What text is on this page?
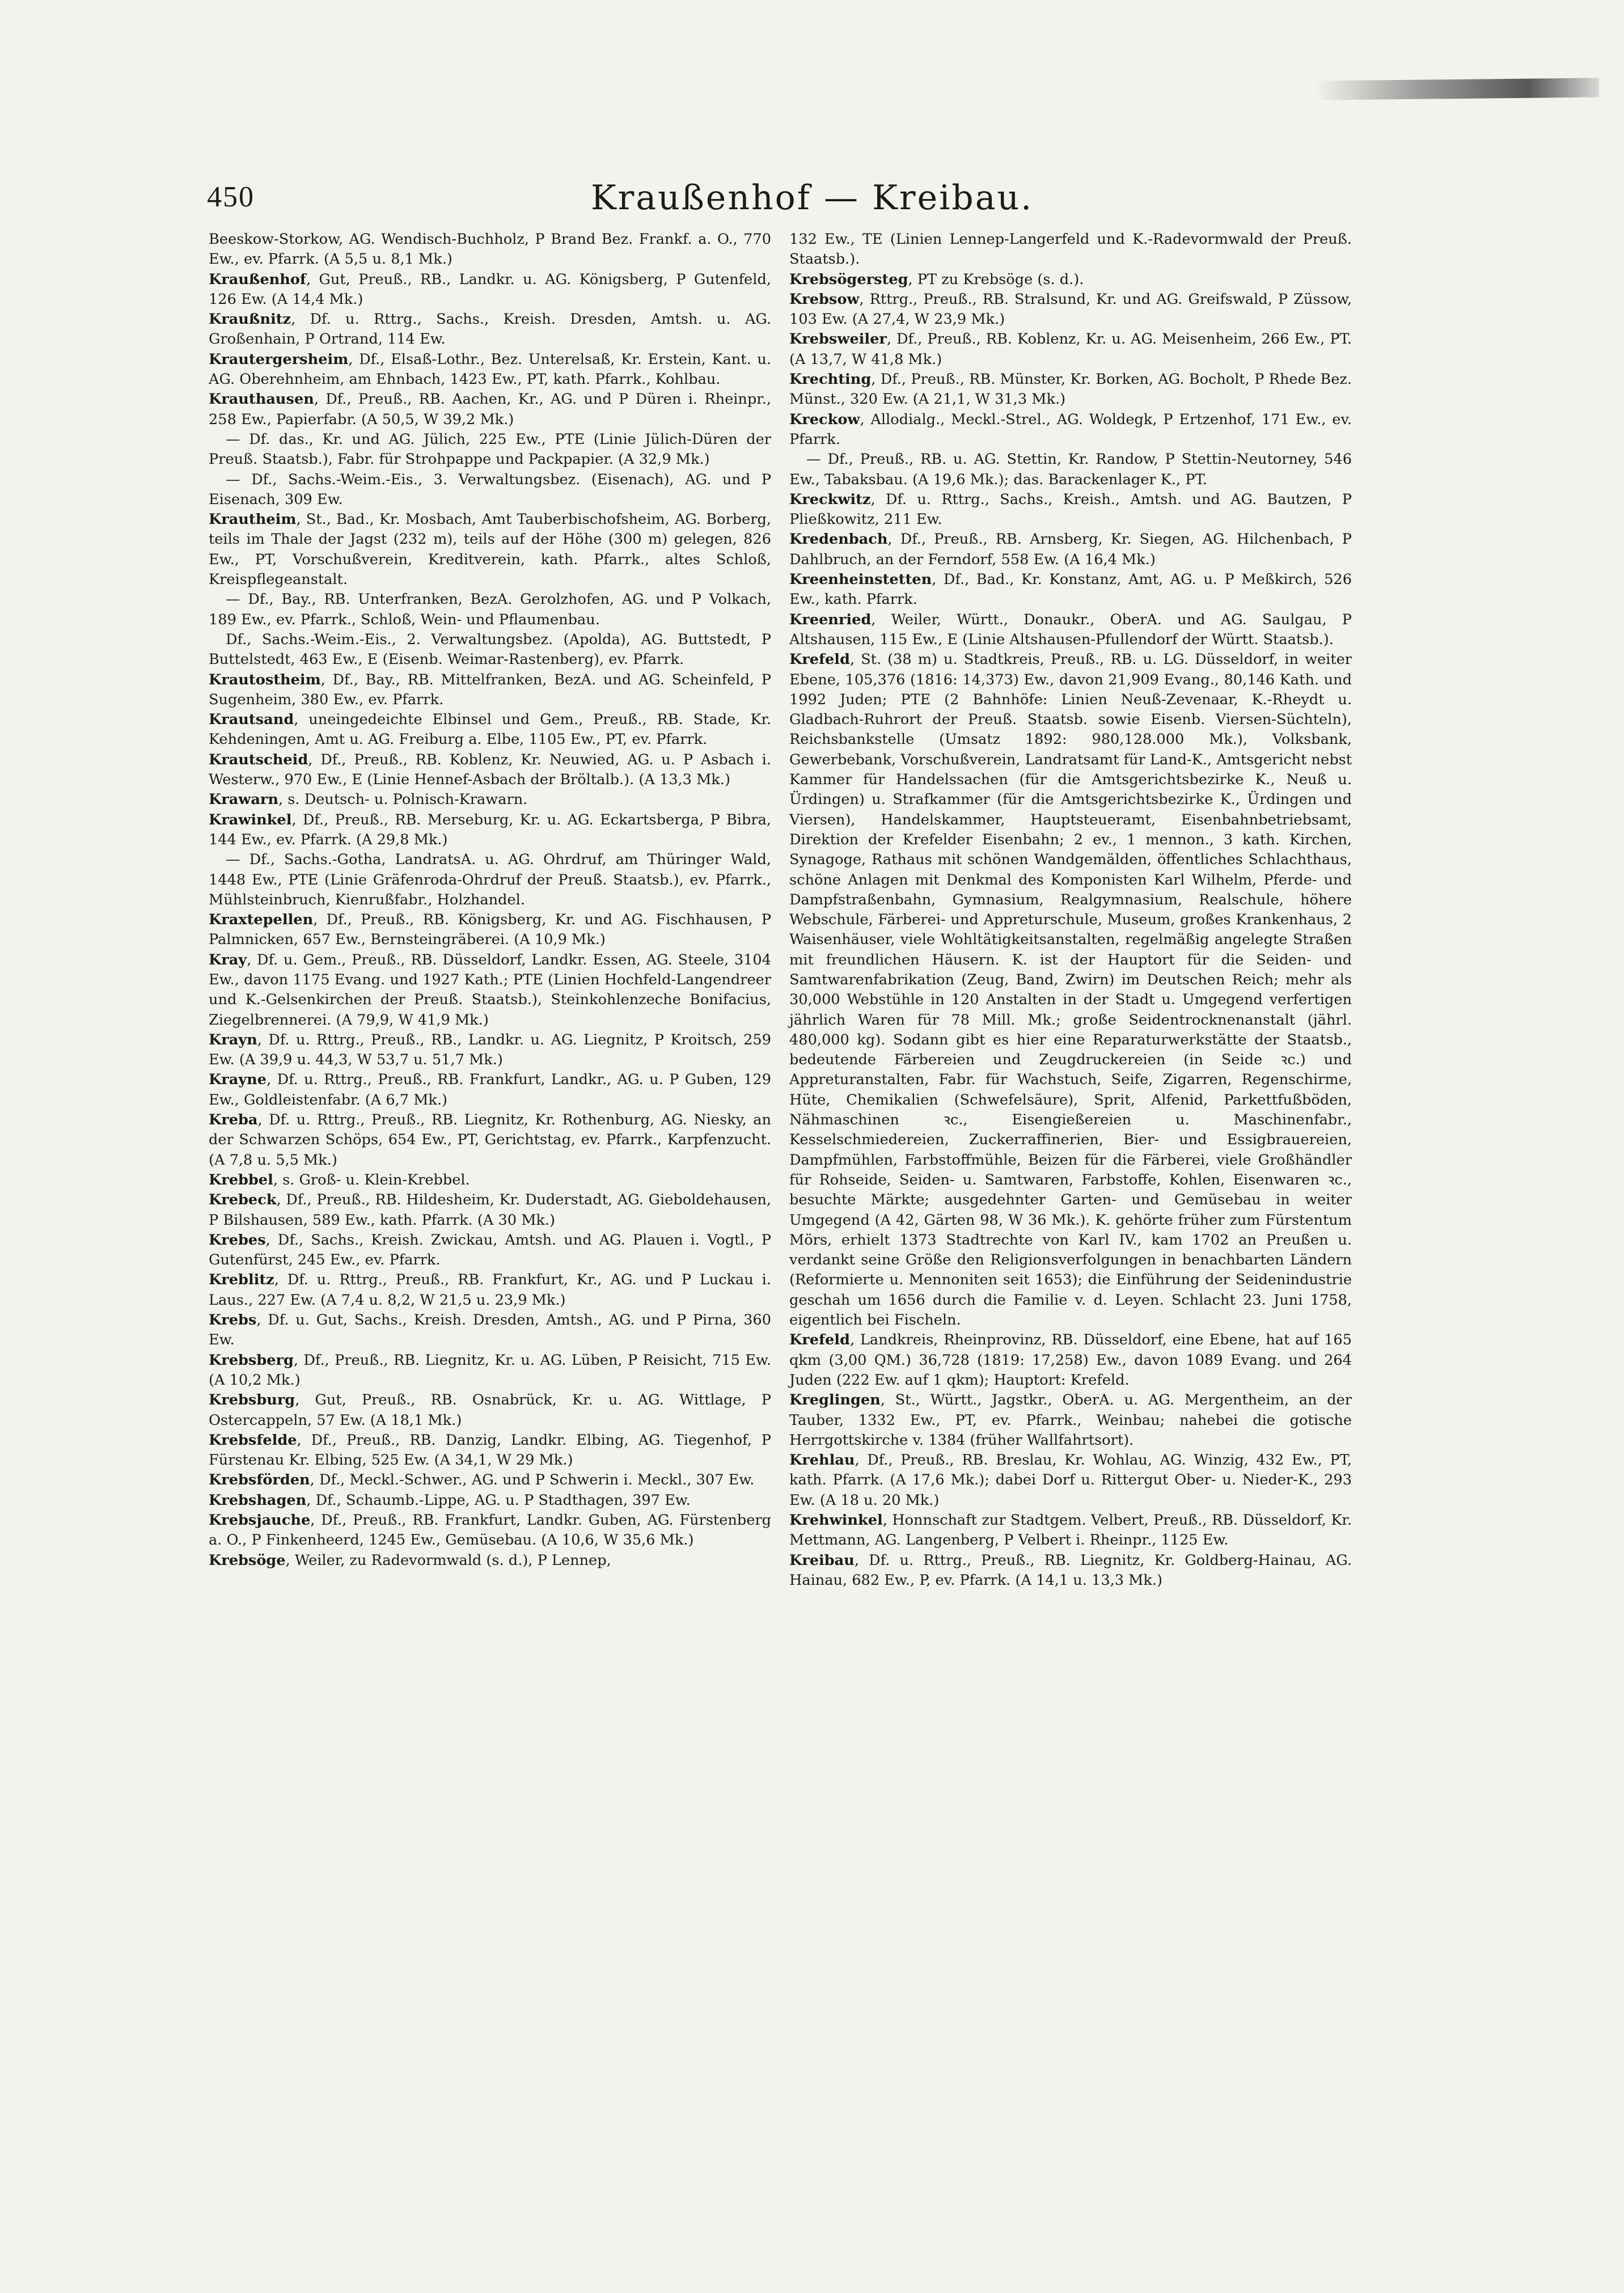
450	Kraußenhof — Kreibau.

Beeskow-Storkow, AG. Wendisch-Buchholz, P Brand Bez. Frankf. a. O., 770 Ew., ev. Pfarrk. (A 5,5 u. 8,1 Mk.)

Kraußenhof, Gut, Preuß., RB., Landkr. u. AG. Königsberg, P Gutenfeld, 126 Ew. (A 14,4 Mk.)

Kraußnitz, Df. u. Rttrg., Sachs., Kreish. Dresden, Amtsh. u. AG. Großenhain, P Ortrand, 114 Ew.

Krautergersheim, Df., Elsaß-Lothr., Bez. Unterelsaß, Kr. Erstein, Kant. u. AG. Oberehnheim, am Ehnbach, 1423 Ew., PT, kath. Pfarrk., Kohlbau.

Krauthausen, Df., Preuß., RB. Aachen, Kr., AG. und P Düren i. Rheinpr., 258 Ew., Papierfabr. (A 50,5, W 39,2 Mk.)

— Df. das., Kr. und AG. Jülich, 225 Ew., PTE (Linie Jülich-Düren der Preuß. Staatsb.), Fabr. für Strohpappe und Packpapier. (A 32,9 Mk.)

— Df., Sachs.-Weim.-Eis., 3. Verwaltungsbez. (Eisenach), AG. und P Eisenach, 309 Ew.

Krautheim, St., Bad., Kr. Mosbach, Amt Tauberbischofsheim, AG. Borberg, teils im Thale der Jagst (232 m), teils auf der Höhe (300 m) gelegen, 826 Ew., PT, Vorschußverein, Kreditverein, kath. Pfarrk., altes Schloß, Kreispflegeanstalt.

— Df., Bay., RB. Unterfranken, BezA. Gerolzhofen, AG. und P Volkach, 189 Ew., ev. Pfarrk., Schloß, Wein- und Pflaumenbau.

Df., Sachs.-Weim.-Eis., 2. Verwaltungsbez. (Apolda), AG. Buttstedt, P Buttelstedt, 463 Ew., E (Eisenb. Weimar-Rastenberg), ev. Pfarrk.

Krautostheim, Df., Bay., RB. Mittelfranken, BezA. und AG. Scheinfeld, P Sugenheim, 380 Ew., ev. Pfarrk.

Krautsand, uneingedeichte Elbinsel und Gem., Preuß., RB. Stade, Kr. Kehdeningen, Amt u. AG. Freiburg a. Elbe, 1105 Ew., PT, ev. Pfarrk.

Krautscheid, Df., Preuß., RB. Koblenz, Kr. Neuwied, AG. u. P Asbach i. Westerw., 970 Ew., E (Linie Hennef-Asbach der Bröltalb.). (A 13,3 Mk.)

Krawarn, s. Deutsch- u. Polnisch-Krawarn.

Krawinkel, Df., Preuß., RB. Merseburg, Kr. u. AG. Eckartsberga, P Bibra, 144 Ew., ev. Pfarrk. (A 29,8 Mk.)

— Df., Sachs.-Gotha, LandratsA. u. AG. Ohrdruf, am Thüringer Wald, 1448 Ew., PTE (Linie Gräfenroda-Ohrdruf der Preuß. Staatsb.), ev. Pfarrk., Mühlsteinbruch, Kienrußfabr., Holzhandel.

Kraxtepellen, Df., Preuß., RB. Königsberg, Kr. und AG. Fischhausen, P Palmnicken, 657 Ew., Bernsteingräberei. (A 10,9 Mk.)

Kray, Df. u. Gem., Preuß., RB. Düsseldorf, Landkr. Essen, AG. Steele, 3104 Ew., davon 1175 Evang. und 1927 Kath.; PTE (Linien Hochfeld-Langendreer und K.-Gelsenkirchen der Preuß. Staatsb.), Steinkohlenzeche Bonifacius, Ziegelbrennerei. (A 79,9, W 41,9 Mk.)

Krayn, Df. u. Rttrg., Preuß., RB., Landkr. u. AG. Liegnitz, P Kroitsch, 259 Ew. (A 39,9 u. 44,3, W 53,7 u. 51,7 Mk.)

Krayne, Df. u. Rttrg., Preuß., RB. Frankfurt, Landkr., AG. u. P Guben, 129 Ew., Goldleistenfabr. (A 6,7 Mk.)

Kreba, Df. u. Rttrg., Preuß., RB. Liegnitz, Kr. Rothenburg, AG. Niesky, an der Schwarzen Schöps, 654 Ew., PT, Gerichtstag, ev. Pfarrk., Karpfenzucht. (A 7,8 u. 5,5 Mk.)

Krebbel, s. Groß- u. Klein-Krebbel.

Krebeck, Df., Preuß., RB. Hildesheim, Kr. Duderstadt, AG. Gieboldehausen, P Bilshausen, 589 Ew., kath. Pfarrk. (A 30 Mk.)

Krebes, Df., Sachs., Kreish. Zwickau, Amtsh. und AG. Plauen i. Vogtl., P Gutenfürst, 245 Ew., ev. Pfarrk.

Kreblitz, Df. u. Rttrg., Preuß., RB. Frankfurt, Kr., AG. und P Luckau i. Laus., 227 Ew. (A 7,4 u. 8,2, W 21,5 u. 23,9 Mk.)

Krebs, Df. u. Gut, Sachs., Kreish. Dresden, Amtsh., AG. und P Pirna, 360 Ew.

Krebsberg, Df., Preuß., RB. Liegnitz, Kr. u. AG. Lüben, P Reisicht, 715 Ew. (A 10,2 Mk.)

Krebsburg, Gut, Preuß., RB. Osnabrück, Kr. u. AG. Wittlage, P Ostercappeln, 57 Ew. (A 18,1 Mk.)

Krebsfelde, Df., Preuß., RB. Danzig, Landkr. Elbing, AG. Tiegenhof, P Fürstenau Kr. Elbing, 525 Ew. (A 34,1, W 29 Mk.)

Krebsförden, Df., Meckl.-Schwer., AG. und P Schwerin i. Meckl., 307 Ew.

Krebshagen, Df., Schaumb.-Lippe, AG. u. P Stadthagen, 397 Ew.

Krebsjauche, Df., Preuß., RB. Frankfurt, Landkr. Guben, AG. Fürstenberg a. O., P Finkenheerd, 1245 Ew., Gemüsebau. (A 10,6, W 35,6 Mk.)

Krebsöge, Weiler, zu Radevormwald (s. d.), P Lennep,

132 Ew., TE (Linien Lennep-Langerfeld und K.-Radevormwald der Preuß. Staatsb.).

Krebsögersteg, PT zu Krebsöge (s. d.).

Krebsow, Rttrg., Preuß., RB. Stralsund, Kr. und AG. Greifswald, P Züssow, 103 Ew. (A 27,4, W 23,9 Mk.)

Krebsweiler, Df., Preuß., RB. Koblenz, Kr. u. AG. Meisenheim, 266 Ew., PT. (A 13,7, W 41,8 Mk.)

Krechting, Df., Preuß., RB. Münster, Kr. Borken, AG. Bocholt, P Rhede Bez. Münst., 320 Ew. (A 21,1, W 31,3 Mk.)

Kreckow, Allodialg., Meckl.-Strel., AG. Woldegk, P Ertzenhof, 171 Ew., ev. Pfarrk.

— Df., Preuß., RB. u. AG. Stettin, Kr. Randow, P Stettin-Neutorney, 546 Ew., Tabaksbau. (A 19,6 Mk.); das. Barackenlager K., PT.

Kreckwitz, Df. u. Rttrg., Sachs., Kreish., Amtsh. und AG. Bautzen, P Pließkowitz, 211 Ew.

Kredenbach, Df., Preuß., RB. Arnsberg, Kr. Siegen, AG. Hilchenbach, P Dahlbruch, an der Ferndorf, 558 Ew. (A 16,4 Mk.)

Kreenheinstetten, Df., Bad., Kr. Konstanz, Amt, AG. u. P Meßkirch, 526 Ew., kath. Pfarrk.

Kreenried, Weiler, Württ., Donaukr., OberA. und AG. Saulgau, P Altshausen, 115 Ew., E (Linie Altshausen-Pfullendorf der Württ. Staatsb.).

Krefeld, St. (38 m) u. Stadtkreis, Preuß., RB. u. LG. Düsseldorf, in weiter Ebene, 105,376 (1816: 14,373) Ew., davon 21,909 Evang., 80,146 Kath. und 1992 Juden; PTE (2 Bahnhöfe: Linien Neuß-Zevenaar, K.-Rheydt u. Gladbach-Ruhrort der Preuß. Staatsb. sowie Eisenb. Viersen-Süchteln), Reichsbankstelle (Umsatz 1892: 980,128.000 Mk.), Volksbank, Gewerbebank, Vorschußverein, Landratsamt für Land-K., Amtsgericht nebst Kammer für Handelssachen (für die Amtsgerichtsbezirke K., Neuß u. Ürdingen) u. Strafkammer (für die Amtsgerichtsbezirke K., Ürdingen und Viersen), Handelskammer, Hauptsteueramt, Eisenbahnbetriebsamt, Direktion der Krefelder Eisenbahn; 2 ev., 1 mennon., 3 kath. Kirchen, Synagoge, Rathaus mit schönen Wandgemälden, öffentliches Schlachthaus, schöne Anlagen mit Denkmal des Komponisten Karl Wilhelm, Pferde- und Dampfstraßenbahn, Gymnasium, Realgymnasium, Realschule, höhere Webschule, Färberei- und Appreturschule, Museum, großes Krankenhaus, 2 Waisenhäuser, viele Wohltätigkeitsanstalten, regelmäßig angelegte Straßen mit freundlichen Häusern. K. ist der Hauptort für die Seiden- und Samtwarenfabrikation (Zeug, Band, Zwirn) im Deutschen Reich; mehr als 30,000 Webstühle in 120 Anstalten in der Stadt u. Umgegend verfertigen jährlich Waren für 78 Mill. Mk.; große Seidentrocknenanstalt (jährl. 480,000 kg). Sodann gibt es hier eine Reparaturwerkstätte der Staatsb., bedeutende Färbereien und Zeugdruckereien (in Seide ꝛc.) und Appreturanstalten, Fabr. für Wachstuch, Seife, Zigarren, Regenschirme, Hüte, Chemikalien (Schwefelsäure), Sprit, Alfenid, Parkettfußböden, Nähmaschinen ꝛc., Eisengießereien u. Maschinenfabr., Kesselschmiedereien, Zuckerraffinerien, Bier- und Essigbrauereien, Dampfmühlen, Farbstoffmühle, Beizen für die Färberei, viele Großhändler für Rohseide, Seiden- u. Samtwaren, Farbstoffe, Kohlen, Eisenwaren ꝛc., besuchte Märkte; ausgedehnter Garten- und Gemüsebau in weiter Umgegend (A 42, Gärten 98, W 36 Mk.). K. gehörte früher zum Fürstentum Mörs, erhielt 1373 Stadtrechte von Karl IV., kam 1702 an Preußen u. verdankt seine Größe den Religionsverfolgungen in benachbarten Ländern (Reformierte u. Mennoniten seit 1653); die Einführung der Seidenindustrie geschah um 1656 durch die Familie v. d. Leyen. Schlacht 23. Juni 1758, eigentlich bei Fischeln.

Krefeld, Landkreis, Rheinprovinz, RB. Düsseldorf, eine Ebene, hat auf 165 qkm (3,00 QM.) 36,728 (1819: 17,258) Ew., davon 1089 Evang. und 264 Juden (222 Ew. auf 1 qkm); Hauptort: Krefeld.

Kreglingen, St., Württ., Jagstkr., OberA. u. AG. Mergentheim, an der Tauber, 1332 Ew., PT, ev. Pfarrk., Weinbau; nahebei die gotische Herrgottskirche v. 1384 (früher Wallfahrtsort).

Krehlau, Df., Preuß., RB. Breslau, Kr. Wohlau, AG. Winzig, 432 Ew., PT, kath. Pfarrk. (A 17,6 Mk.); dabei Dorf u. Rittergut Ober- u. Nieder-K., 293 Ew. (A 18 u. 20 Mk.)

Krehwinkel, Honnschaft zur Stadtgem. Velbert, Preuß., RB. Düsseldorf, Kr. Mettmann, AG. Langenberg, P Velbert i. Rheinpr., 1125 Ew.

Kreibau, Df. u. Rttrg., Preuß., RB. Liegnitz, Kr. Goldberg-Hainau, AG. Hainau, 682 Ew., P, ev. Pfarrk. (A 14,1 u. 13,3 Mk.)
